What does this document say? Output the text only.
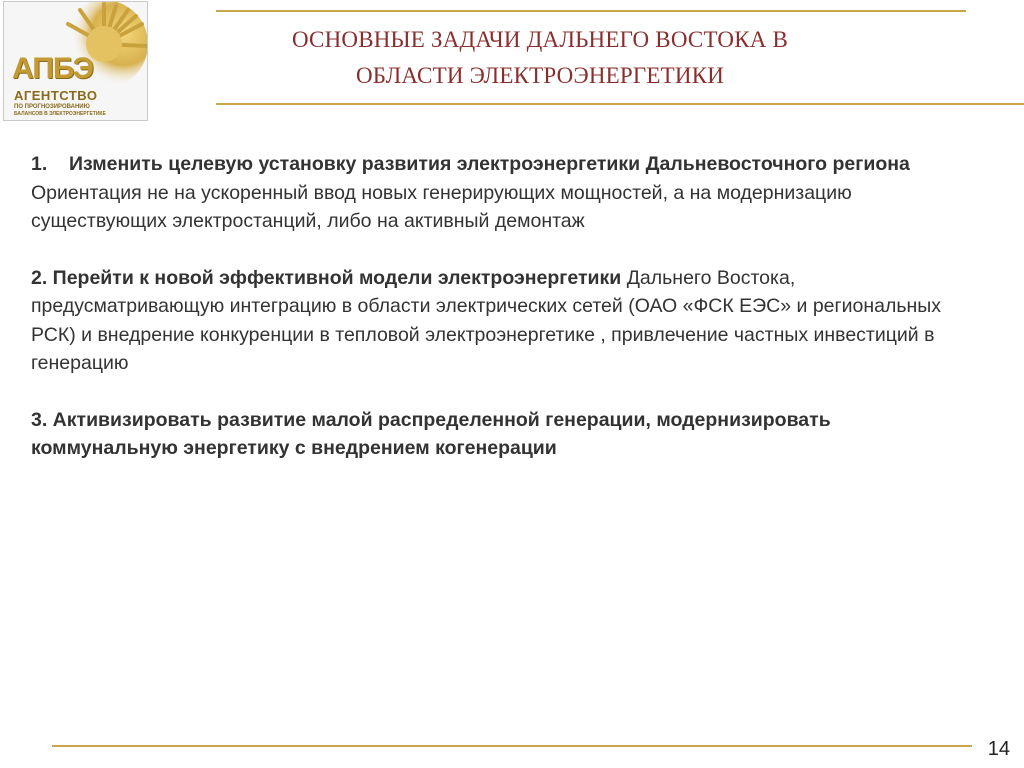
АПБЭ
АГЕНТСТВО
ПО ПРОГНОЗИРОВАНИЮ
БАЛАНСОВ В ЭЛЕКТРОЭНЕРГЕТИКЕ
ОСНОВНЫЕ ЗАДАЧИ ДАЛЬНЕГО ВОСТОКА В
ОБЛАСТИ ЭЛЕКТРОЭНЕРГЕТИКИ
1.	Изменить целевую установку развития электроэнергетики Дальневосточного региона

Ориентация не на ускоренный ввод новых генерирующих мощностей, а на модернизацию существующих электростанций, либо на активный демонтаж

2. Перейти к новой эффективной модели электроэнергетики Дальнего Востока, предусматривающую интеграцию в области электрических сетей (ОАО «ФСК ЕЭС» и региональных РСК) и внедрение конкуренции в тепловой электроэнергетике , привлечение частных инвестиций в генерацию

3. Активизировать развитие малой распределенной генерации, модернизировать коммунальную энергетику с внедрением когенерации

14
